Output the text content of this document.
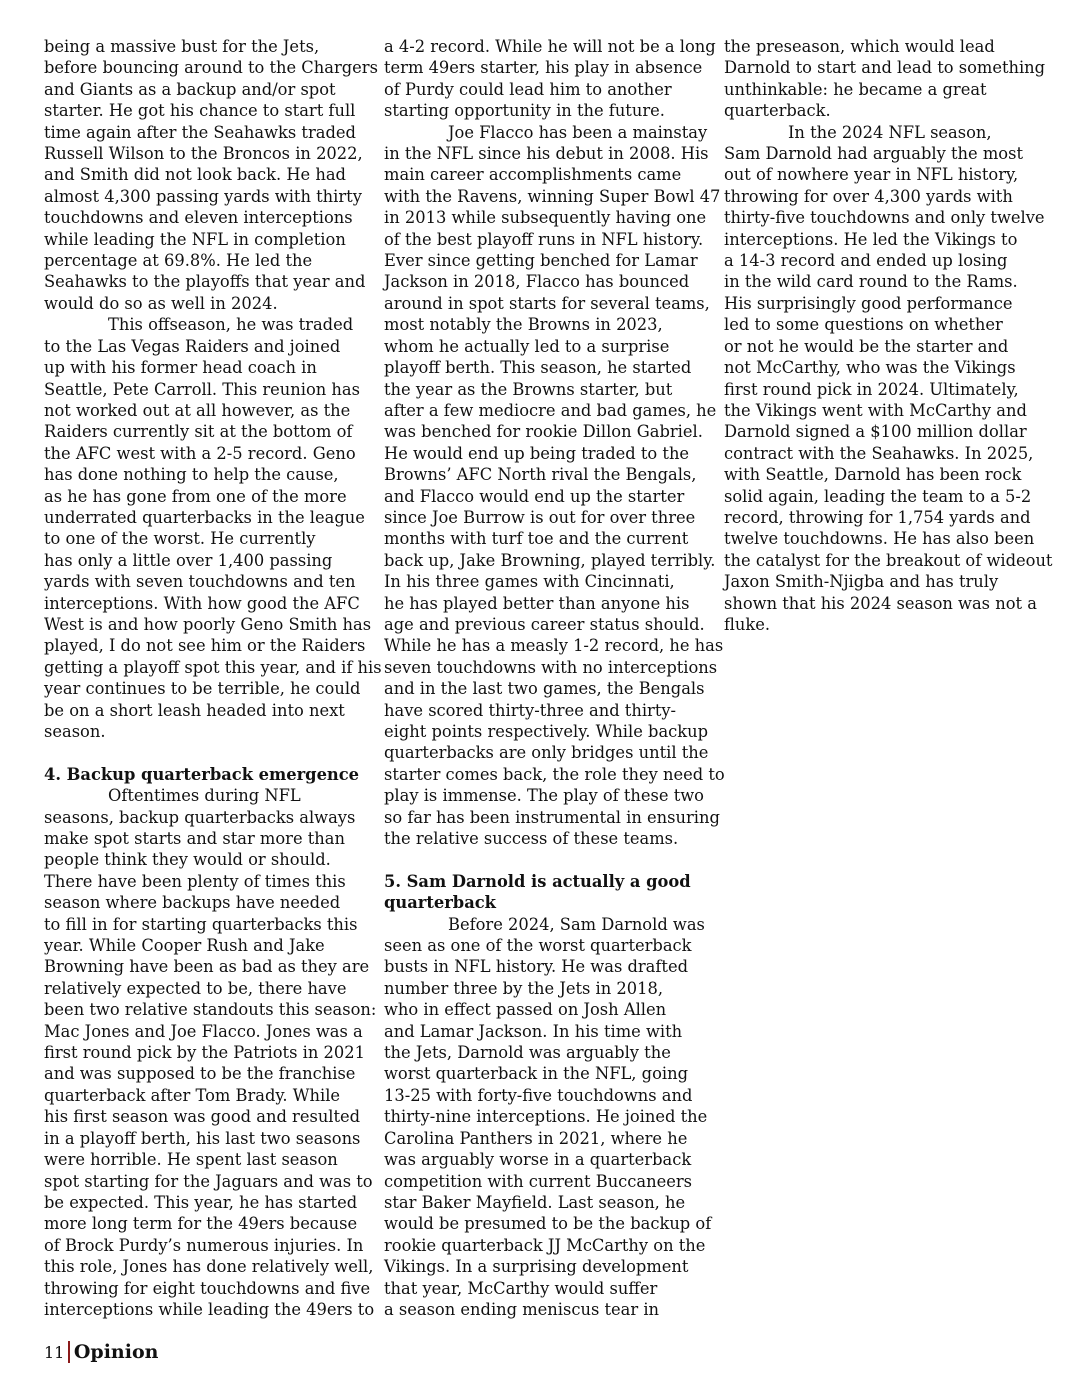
being a massive bust for the Jets,
before bouncing around to the Chargers
and Giants as a backup and/or spot
starter. He got his chance to start full
time again after the Seahawks traded
Russell Wilson to the Broncos in 2022,
and Smith did not look back. He had
almost 4,300 passing yards with thirty
touchdowns and eleven interceptions
while leading the NFL in completion
percentage at 69.8%. He led the
Seahawks to the playoffs that year and
would do so as well in 2024.
This offseason, he was traded
to the Las Vegas Raiders and joined
up with his former head coach in
Seattle, Pete Carroll. This reunion has
not worked out at all however, as the
Raiders currently sit at the bottom of
the AFC west with a 2-5 record. Geno
has done nothing to help the cause,
as he has gone from one of the more
underrated quarterbacks in the league
to one of the worst. He currently
has only a little over 1,400 passing
yards with seven touchdowns and ten
interceptions. With how good the AFC
West is and how poorly Geno Smith has
played, I do not see him or the Raiders
getting a playoff spot this year, and if his
year continues to be terrible, he could
be on a short leash headed into next
season.
4. Backup quarterback emergence
Oftentimes during NFL
seasons, backup quarterbacks always
make spot starts and star more than
people think they would or should.
There have been plenty of times this
season where backups have needed
to fill in for starting quarterbacks this
year. While Cooper Rush and Jake
Browning have been as bad as they are
relatively expected to be, there have
been two relative standouts this season:
Mac Jones and Joe Flacco. Jones was a
first round pick by the Patriots in 2021
and was supposed to be the franchise
quarterback after Tom Brady. While
his first season was good and resulted
in a playoff berth, his last two seasons
were horrible. He spent last season
spot starting for the Jaguars and was to
be expected. This year, he has started
more long term for the 49ers because
of Brock Purdy’s numerous injuries. In
this role, Jones has done relatively well,
throwing for eight touchdowns and five
interceptions while leading the 49ers to
a 4-2 record. While he will not be a long
term 49ers starter, his play in absence
of Purdy could lead him to another
starting opportunity in the future.
Joe Flacco has been a mainstay
in the NFL since his debut in 2008. His
main career accomplishments came
with the Ravens, winning Super Bowl 47
in 2013 while subsequently having one
of the best playoff runs in NFL history.
Ever since getting benched for Lamar
Jackson in 2018, Flacco has bounced
around in spot starts for several teams,
most notably the Browns in 2023,
whom he actually led to a surprise
playoff berth. This season, he started
the year as the Browns starter, but
after a few mediocre and bad games, he
was benched for rookie Dillon Gabriel.
He would end up being traded to the
Browns’ AFC North rival the Bengals,
and Flacco would end up the starter
since Joe Burrow is out for over three
months with turf toe and the current
back up, Jake Browning, played terribly.
In his three games with Cincinnati,
he has played better than anyone his
age and previous career status should.
While he has a measly 1-2 record, he has
seven touchdowns with no interceptions
and in the last two games, the Bengals
have scored thirty-three and thirty-
eight points respectively. While backup
quarterbacks are only bridges until the
starter comes back, the role they need to
play is immense. The play of these two
so far has been instrumental in ensuring
the relative success of these teams.
5. Sam Darnold is actually a good
quarterback
Before 2024, Sam Darnold was
seen as one of the worst quarterback
busts in NFL history. He was drafted
number three by the Jets in 2018,
who in effect passed on Josh Allen
and Lamar Jackson. In his time with
the Jets, Darnold was arguably the
worst quarterback in the NFL, going
13-25 with forty-five touchdowns and
thirty-nine interceptions. He joined the
Carolina Panthers in 2021, where he
was arguably worse in a quarterback
competition with current Buccaneers
star Baker Mayfield. Last season, he
would be presumed to be the backup of
rookie quarterback JJ McCarthy on the
Vikings. In a surprising development
that year, McCarthy would suffer
a season ending meniscus tear in
the preseason, which would lead
Darnold to start and lead to something
unthinkable: he became a great
quarterback.
In the 2024 NFL season,
Sam Darnold had arguably the most
out of nowhere year in NFL history,
throwing for over 4,300 yards with
thirty-five touchdowns and only twelve
interceptions. He led the Vikings to
a 14-3 record and ended up losing
in the wild card round to the Rams.
His surprisingly good performance
led to some questions on whether
or not he would be the starter and
not McCarthy, who was the Vikings
first round pick in 2024. Ultimately,
the Vikings went with McCarthy and
Darnold signed a $100 million dollar
contract with the Seahawks. In 2025,
with Seattle, Darnold has been rock
solid again, leading the team to a 5-2
record, throwing for 1,754 yards and
twelve touchdowns. He has also been
the catalyst for the breakout of wideout
Jaxon Smith-Njigba and has truly
shown that his 2024 season was not a
fluke.
11 Opinion
